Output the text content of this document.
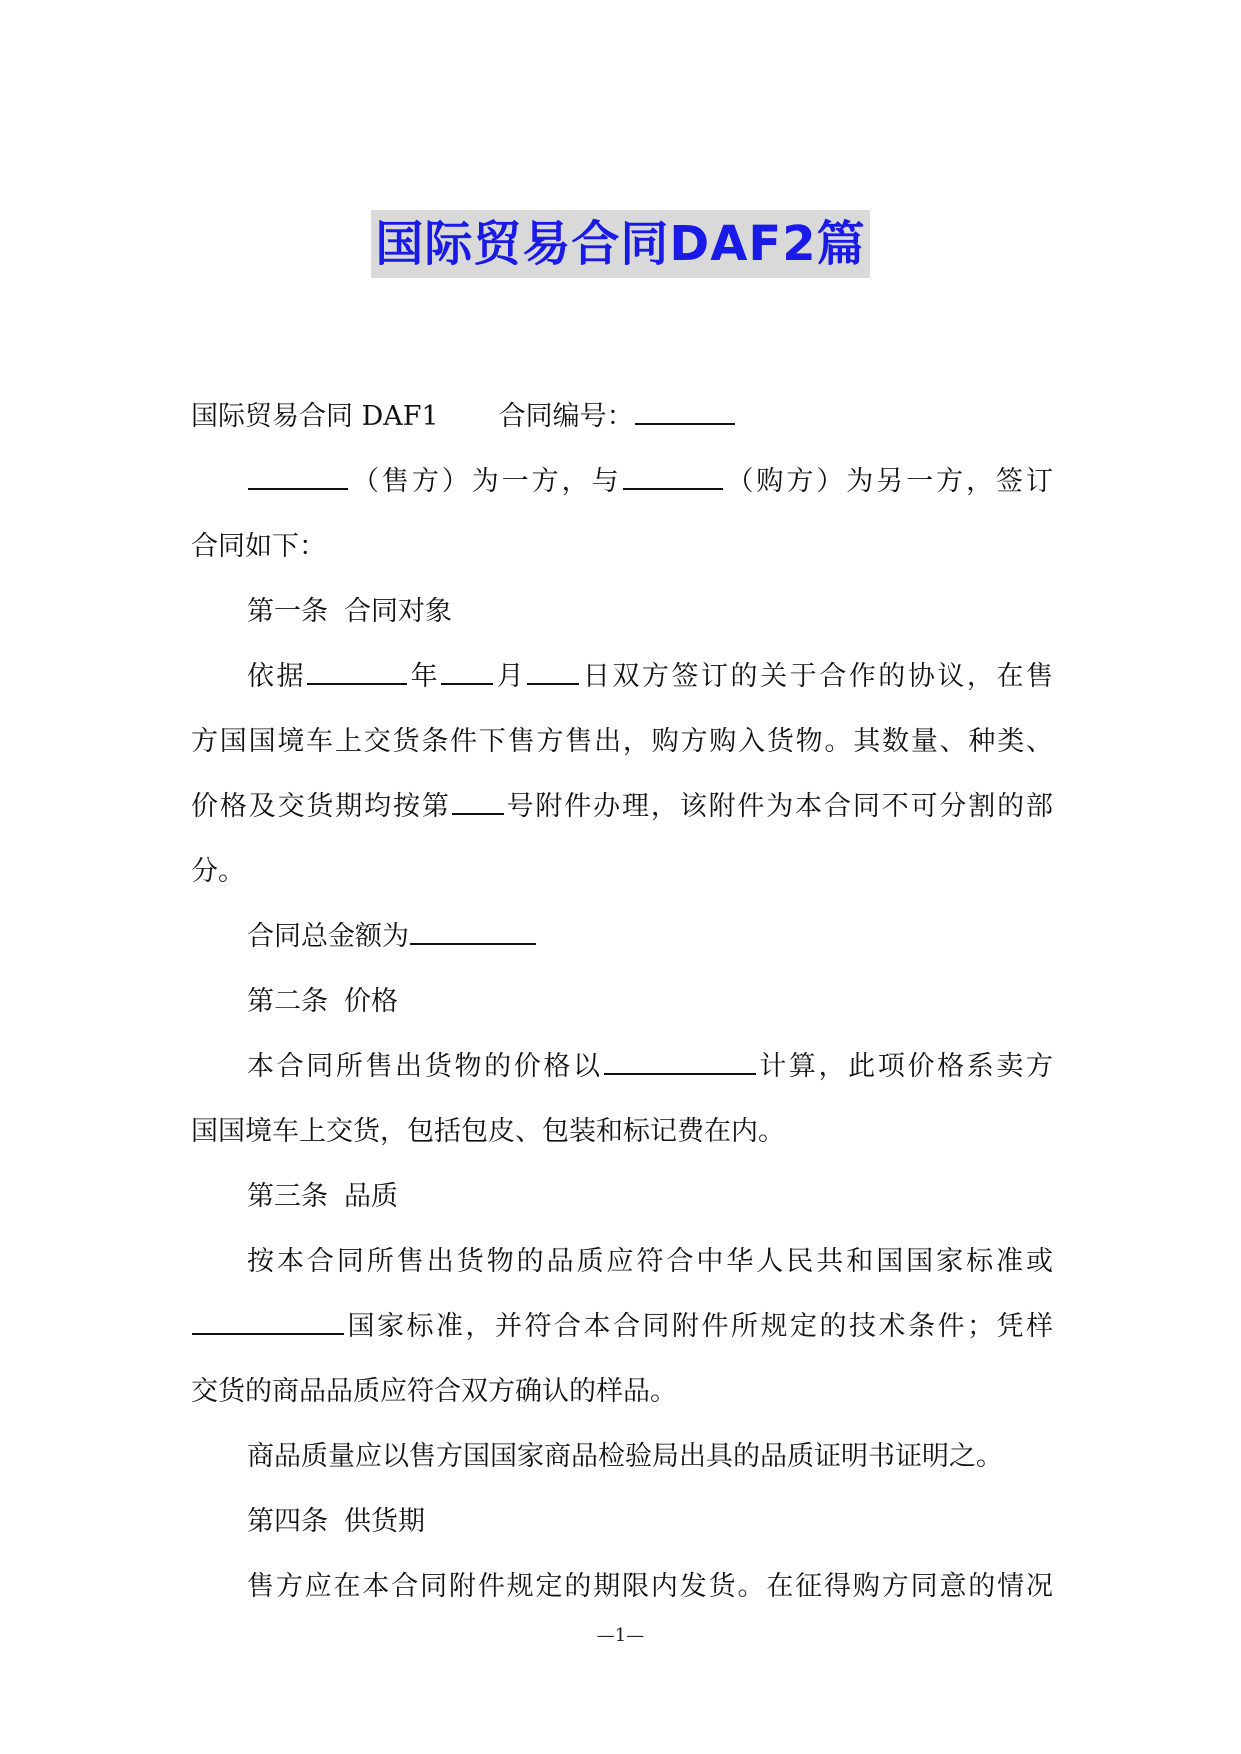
国际贸易合同DAF2篇
国际贸易合同 DAF1 合同编号：
（售方）为一方，与	（购方）为另一方，签订
合同如下：
第一条 合同对象
依据	年 月 日双方签订的关于合作的协议，在售
方国国境车上交货条件下售方售出，购方购入货物。其数量、种类、
价格及交货期均按第 号附件办理，该附件为本合同不可分割的部
分。
合同总金额为
第二条 价格
本合同所售出货物的价格以	计算，此项价格系卖方
国国境车上交货，包括包皮、包装和标记费在内。
第三条 品质
按本合同所售出货物的品质应符合中华人民共和国国家标准或
国家标准，并符合本合同附件所规定的技术条件；凭样
交货的商品品质应符合双方确认的样品。
商品质量应以售方国国家商品检验局出具的品质证明书证明之。
第四条 供货期
售方应在本合同附件规定的期限内发货。在征得购方同意的情况
—1—
